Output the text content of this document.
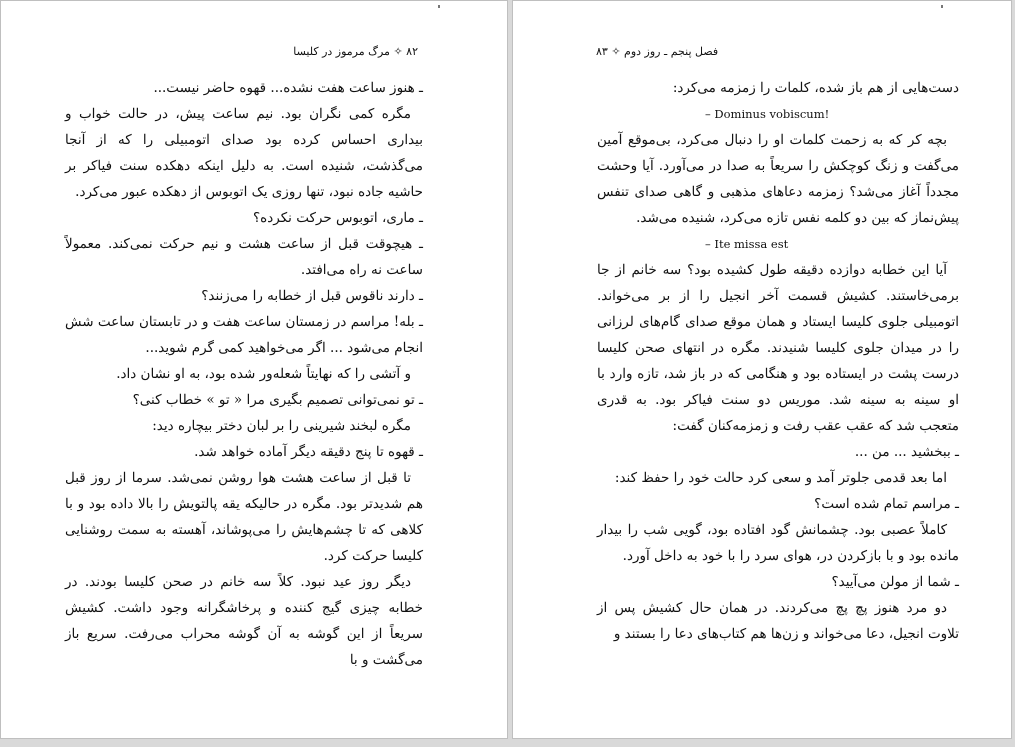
۸۲ ✧ مرگ مرموز در کلیسا

ـ هنوز ساعت هفت نشده... قهوه حاضر نیست...

مگره کمی نگران بود. نیم ساعت پیش، در حالت خواب و بیداری احساس کرده بود صدای اتومبیلی را که از آنجا می‌گذشت، شنیده است. به دلیل اینکه دهکده سنت فیاکر بر حاشیه جاده نبود، تنها روزی یک اتوبوس از دهکده عبور می‌کرد.

ـ ماری، اتوبوس حرکت نکرده؟

ـ هیچوقت قبل از ساعت هشت و نیم حرکت نمی‌کند. معمولاً ساعت نه راه می‌افتد.

ـ دارند ناقوس قبل از خطابه را می‌زنند؟

ـ بله! مراسم در زمستان ساعت هفت و در تابستان ساعت شش انجام می‌شود ... اگر می‌خواهید کمی گرم شوید...

و آتشی را که نهایتاً شعله‌ور شده بود، به او نشان داد.

ـ تو نمی‌توانی تصمیم بگیری مرا « تو » خطاب کنی؟

مگره لبخند شیرینی را بر لبان دختر بیچاره دید:

ـ قهوه تا پنج دقیقه دیگر آماده خواهد شد.

تا قبل از ساعت هشت هوا روشن نمی‌شد. سرما از روز قبل هم شدیدتر بود. مگره در حالیکه یقه پالتویش را بالا داده بود و با کلاهی که تا چشم‌هایش را می‌پوشاند، آهسته به سمت روشنایی کلیسا حرکت کرد.

دیگر روز عید نبود. کلاً سه خانم در صحن کلیسا بودند. در خطابه چیزی گیج کننده و پرخاشگرانه وجود داشت. کشیش سریعاً از این گوشه به آن گوشه محراب می‌رفت. سریع باز می‌گشت و با

فصل پنجم ـ روز دوم ✧ ۸۳

دست‌هایی از هم باز شده، کلمات را زمزمه می‌کرد:

– Dominus vobiscum!

بچه کر که به زحمت کلمات او را دنبال می‌کرد، بی‌موقع آمین می‌گفت و زنگ کوچکش را سریعاً به صدا در می‌آورد. آیا وحشت مجدداً آغاز می‌شد؟ زمزمه دعاهای مذهبی و گاهی صدای تنفس پیش‌نماز که بین دو کلمه نفس تازه می‌کرد، شنیده می‌شد.

– Ite missa est

آیا این خطابه دوازده دقیقه طول کشیده بود؟ سه خانم از جا برمی‌خاستند. کشیش قسمت آخر انجیل را از بر می‌خواند. اتومبیلی جلوی کلیسا ایستاد و همان موقع صدای گام‌های لرزانی را در میدان جلوی کلیسا شنیدند. مگره در انتهای صحن کلیسا درست پشت در ایستاده بود و هنگامی که در باز شد، تازه وارد با او سینه به سینه شد. موریس دو سنت فیاکر بود. به قدری متعجب شد که عقب عقب رفت و زمزمه‌کنان گفت:

ـ ببخشید ... من ...

اما بعد قدمی جلوتر آمد و سعی کرد حالت خود را حفظ کند:

ـ مراسم تمام شده است؟

کاملاً عصبی بود. چشمانش گود افتاده بود، گویی شب را بیدار مانده بود و با بازکردن در، هوای سرد را با خود به داخل آورد.

ـ شما از مولن می‌آیید؟

دو مرد هنوز پچ پچ می‌کردند. در همان حال کشیش پس از تلاوت انجیل، دعا می‌خواند و زن‌ها هم کتاب‌های دعا را بستند و
